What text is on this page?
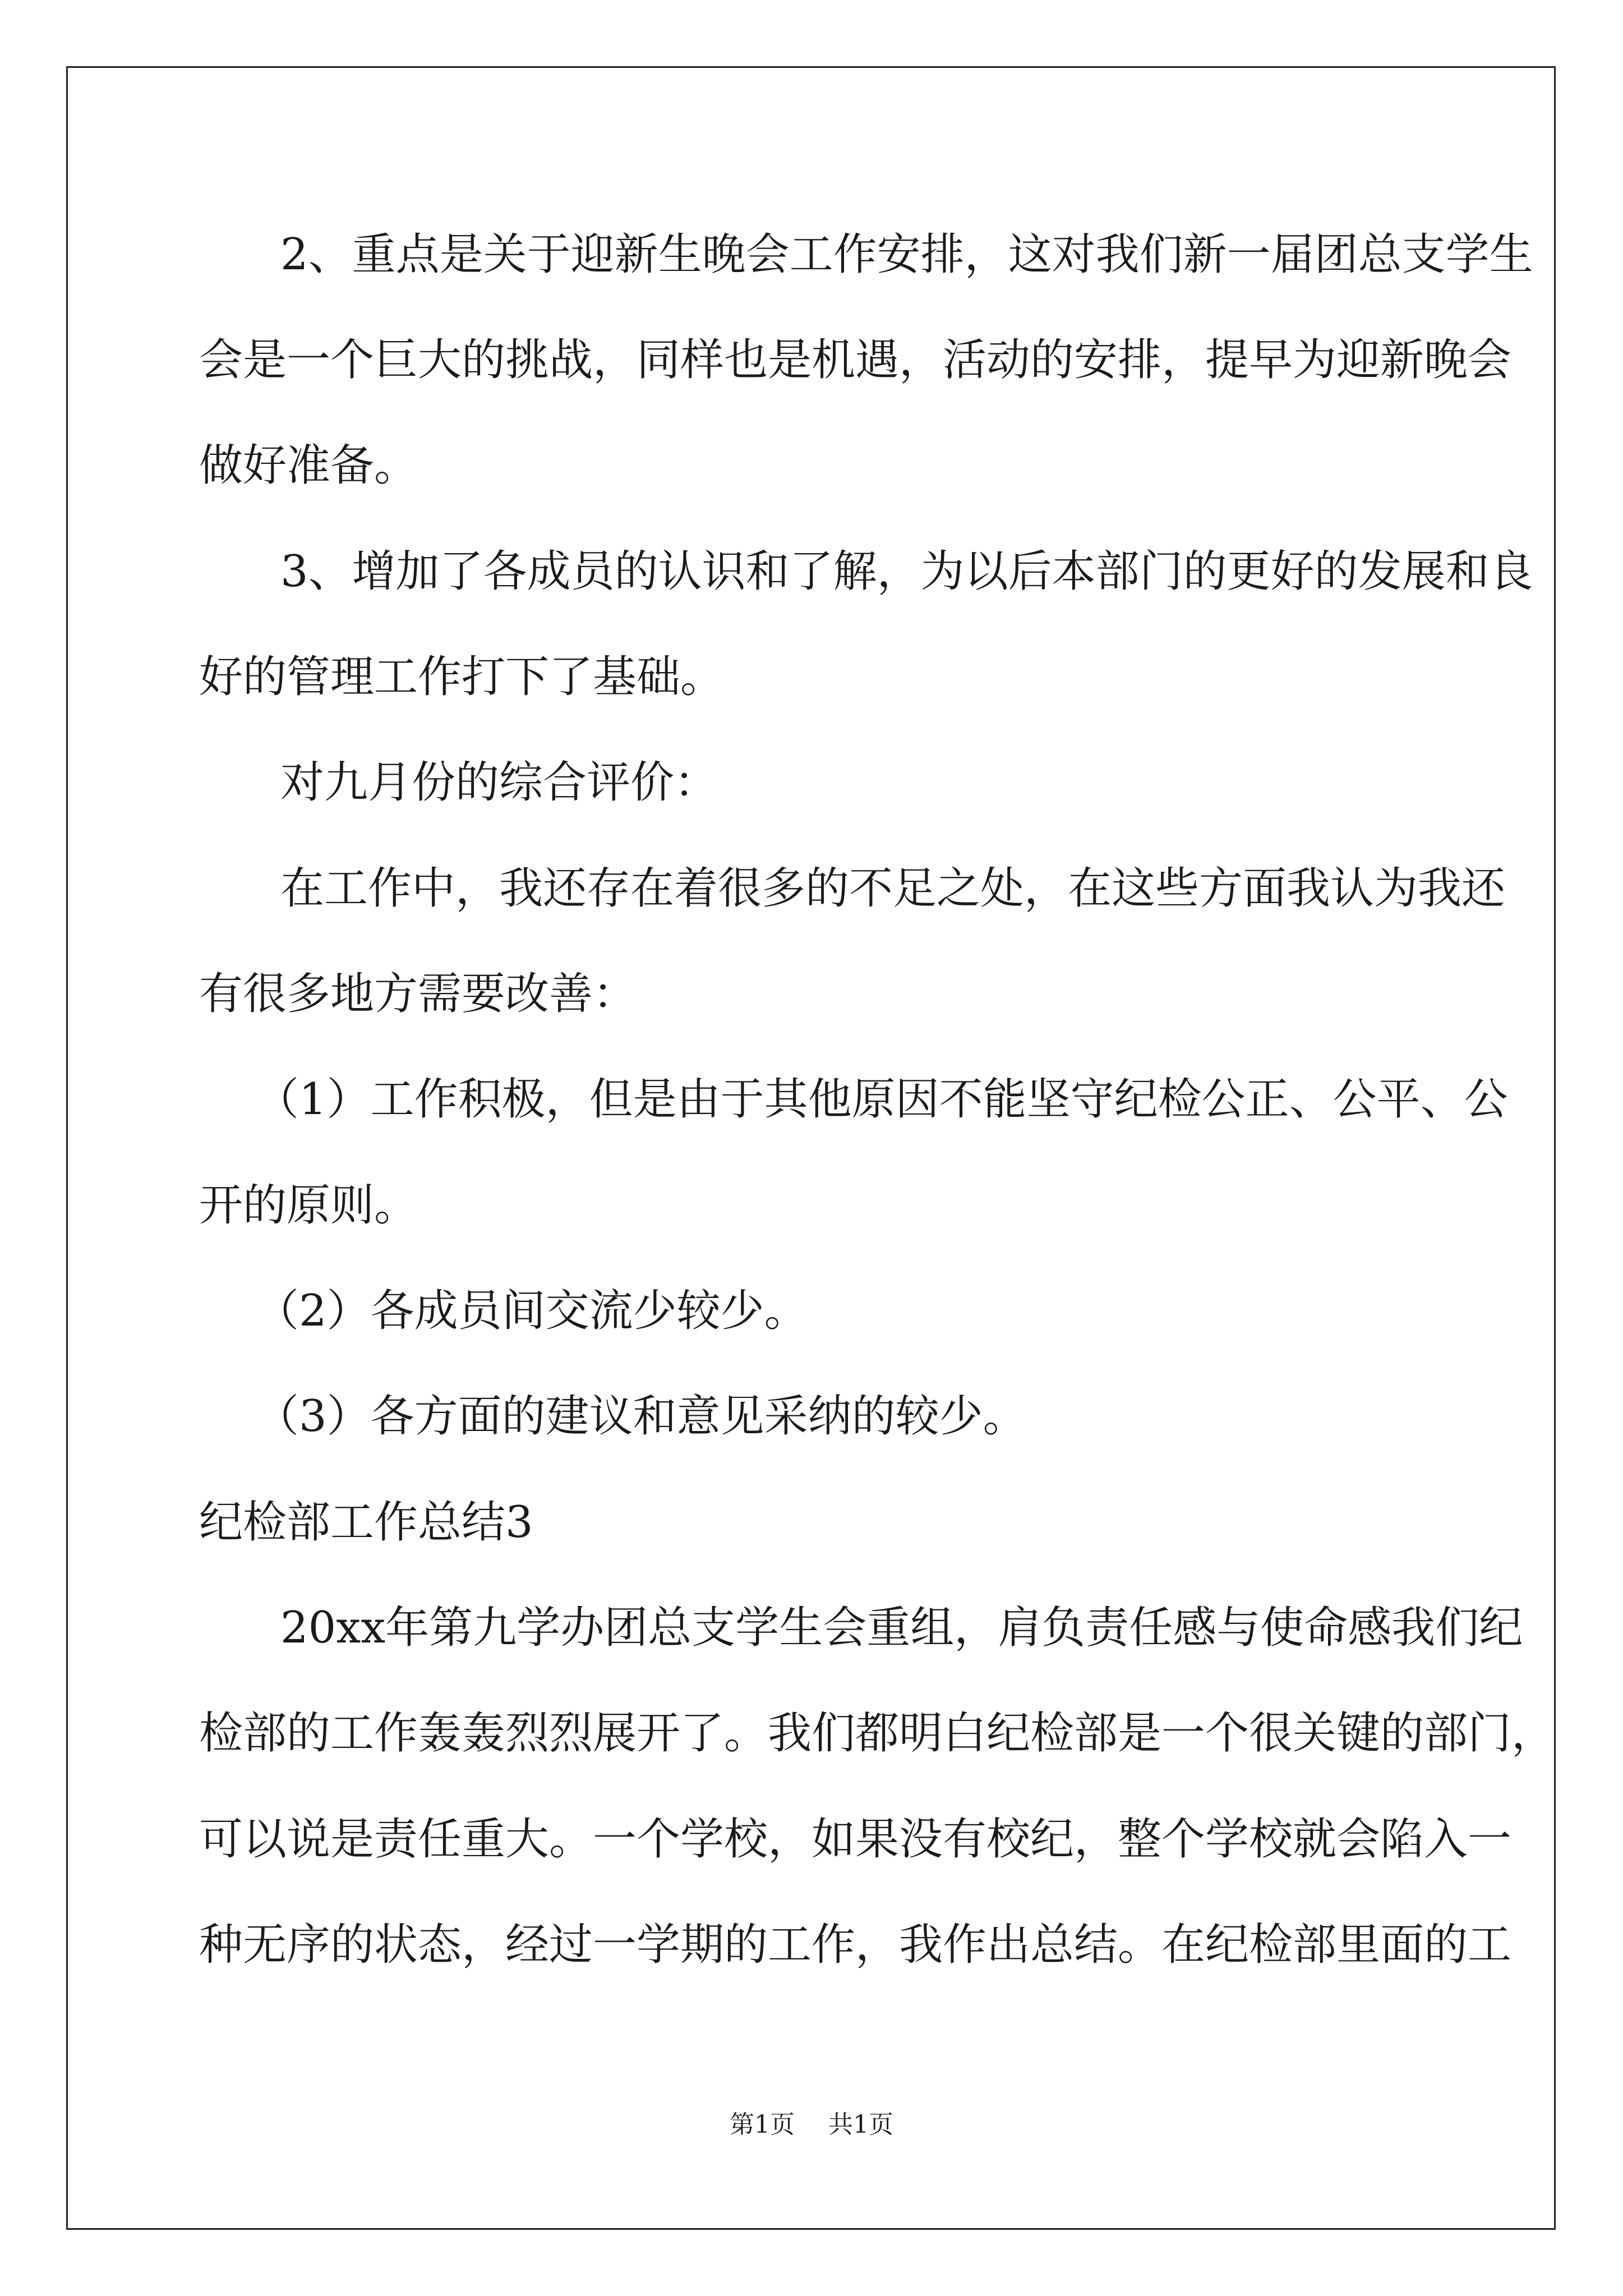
2、重点是关于迎新生晚会工作安排，这对我们新一届团总支学生
会是一个巨大的挑战，同样也是机遇，活动的安排，提早为迎新晚会
做好准备。
3、增加了各成员的认识和了解，为以后本部门的更好的发展和良
好的管理工作打下了基础。
对九月份的综合评价：
在工作中，我还存在着很多的不足之处，在这些方面我认为我还
有很多地方需要改善：
（1）工作积极，但是由于其他原因不能坚守纪检公正、公平、公
开的原则。
（2）各成员间交流少较少。
（3）各方面的建议和意见采纳的较少。
纪检部工作总结3
20xx年第九学办团总支学生会重组，肩负责任感与使命感我们纪
检部的工作轰轰烈烈展开了。我们都明白纪检部是一个很关键的部门，
可以说是责任重大。一个学校，如果没有校纪，整个学校就会陷入一
种无序的状态，经过一学期的工作，我作出总结。在纪检部里面的工
第1页 共1页
